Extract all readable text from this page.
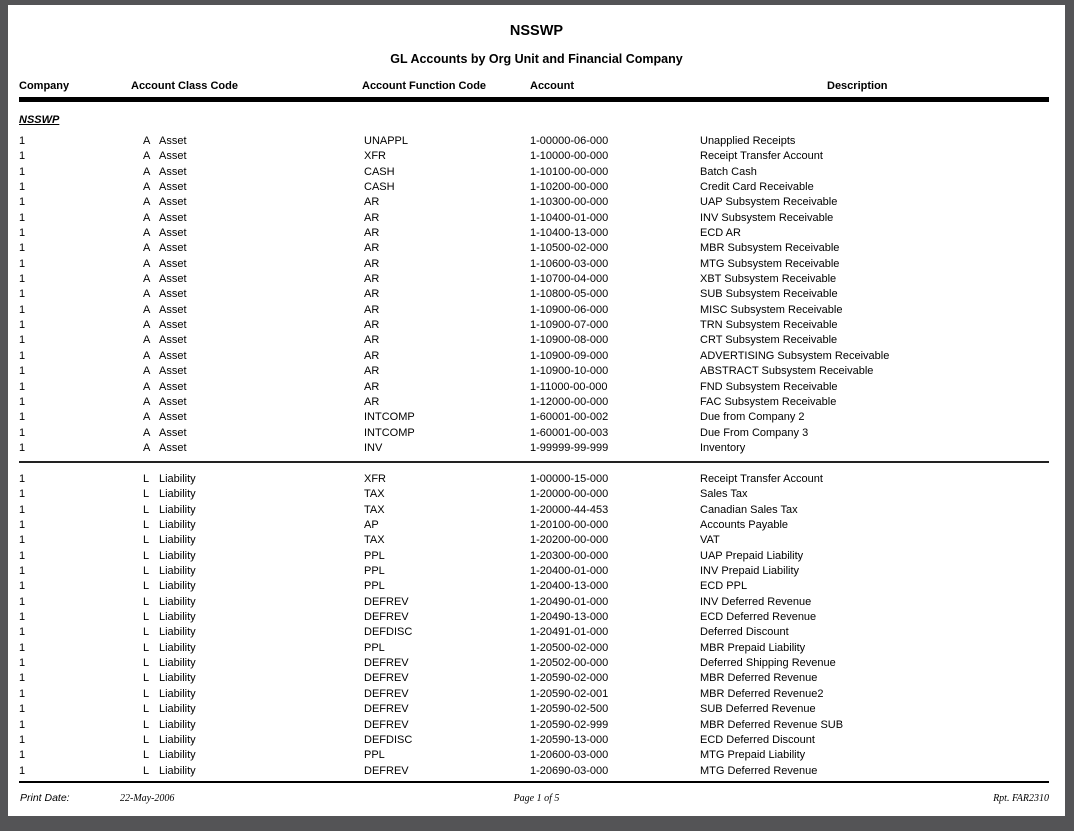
NSSWP
GL Accounts by Org Unit and Financial Company
Company	Account Class Code	Account Function Code	Account	Description
NSSWP
1	A Asset	UNAPPL	1-00000-06-000	Unapplied Receipts
1	A Asset	XFR	1-10000-00-000	Receipt Transfer Account
1	A Asset	CASH	1-10100-00-000	Batch Cash
1	A Asset	CASH	1-10200-00-000	Credit Card Receivable
1	A Asset	AR	1-10300-00-000	UAP Subsystem Receivable
1	A Asset	AR	1-10400-01-000	INV Subsystem Receivable
1	A Asset	AR	1-10400-13-000	ECD AR
1	A Asset	AR	1-10500-02-000	MBR Subsystem Receivable
1	A Asset	AR	1-10600-03-000	MTG Subsystem Receivable
1	A Asset	AR	1-10700-04-000	XBT Subsystem Receivable
1	A Asset	AR	1-10800-05-000	SUB Subsystem Receivable
1	A Asset	AR	1-10900-06-000	MISC Subsystem Receivable
1	A Asset	AR	1-10900-07-000	TRN Subsystem Receivable
1	A Asset	AR	1-10900-08-000	CRT Subsystem Receivable
1	A Asset	AR	1-10900-09-000	ADVERTISING Subsystem Receivable
1	A Asset	AR	1-10900-10-000	ABSTRACT Subsystem Receivable
1	A Asset	AR	1-11000-00-000	FND Subsystem Receivable
1	A Asset	AR	1-12000-00-000	FAC Subsystem Receivable
1	A Asset	INTCOMP	1-60001-00-002	Due from Company 2
1	A Asset	INTCOMP	1-60001-00-003	Due From Company 3
1	A Asset	INV	1-99999-99-999	Inventory
1	L Liability	XFR	1-00000-15-000	Receipt Transfer Account
1	L Liability	TAX	1-20000-00-000	Sales Tax
1	L Liability	TAX	1-20000-44-453	Canadian Sales Tax
1	L Liability	AP	1-20100-00-000	Accounts Payable
1	L Liability	TAX	1-20200-00-000	VAT
1	L Liability	PPL	1-20300-00-000	UAP Prepaid Liability
1	L Liability	PPL	1-20400-01-000	INV Prepaid Liability
1	L Liability	PPL	1-20400-13-000	ECD PPL
1	L Liability	DEFREV	1-20490-01-000	INV Deferred Revenue
1	L Liability	DEFREV	1-20490-13-000	ECD Deferred Revenue
1	L Liability	DEFDISC	1-20491-01-000	Deferred Discount
1	L Liability	PPL	1-20500-02-000	MBR Prepaid Liability
1	L Liability	DEFREV	1-20502-00-000	Deferred Shipping Revenue
1	L Liability	DEFREV	1-20590-02-000	MBR Deferred Revenue
1	L Liability	DEFREV	1-20590-02-001	MBR Deferred Revenue2
1	L Liability	DEFREV	1-20590-02-500	SUB Deferred Revenue
1	L Liability	DEFREV	1-20590-02-999	MBR Deferred Revenue SUB
1	L Liability	DEFDISC	1-20590-13-000	ECD Deferred Discount
1	L Liability	PPL	1-20600-03-000	MTG Prepaid Liability
1	L Liability	DEFREV	1-20690-03-000	MTG Deferred Revenue
Print Date:	22-May-2006	Page 1 of 5	Rpt. FAR2310
